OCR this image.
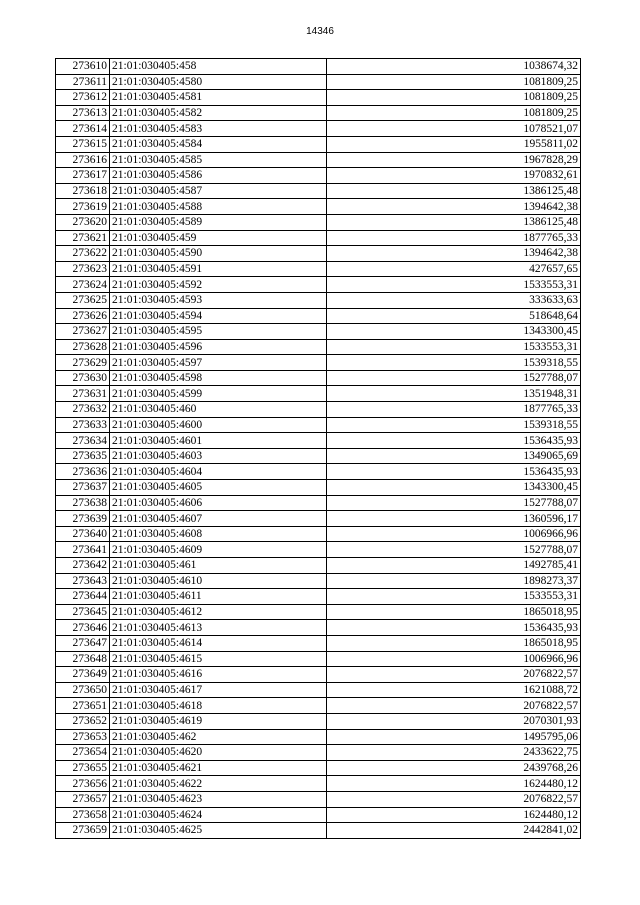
14346
273610	21:01:030405:458	1038674,32
273611	21:01:030405:4580	1081809,25
273612	21:01:030405:4581	1081809,25
273613	21:01:030405:4582	1081809,25
273614	21:01:030405:4583	1078521,07
273615	21:01:030405:4584	1955811,02
273616	21:01:030405:4585	1967828,29
273617	21:01:030405:4586	1970832,61
273618	21:01:030405:4587	1386125,48
273619	21:01:030405:4588	1394642,38
273620	21:01:030405:4589	1386125,48
273621	21:01:030405:459	1877765,33
273622	21:01:030405:4590	1394642,38
273623	21:01:030405:4591	427657,65
273624	21:01:030405:4592	1533553,31
273625	21:01:030405:4593	333633,63
273626	21:01:030405:4594	518648,64
273627	21:01:030405:4595	1343300,45
273628	21:01:030405:4596	1533553,31
273629	21:01:030405:4597	1539318,55
273630	21:01:030405:4598	1527788,07
273631	21:01:030405:4599	1351948,31
273632	21:01:030405:460	1877765,33
273633	21:01:030405:4600	1539318,55
273634	21:01:030405:4601	1536435,93
273635	21:01:030405:4603	1349065,69
273636	21:01:030405:4604	1536435,93
273637	21:01:030405:4605	1343300,45
273638	21:01:030405:4606	1527788,07
273639	21:01:030405:4607	1360596,17
273640	21:01:030405:4608	1006966,96
273641	21:01:030405:4609	1527788,07
273642	21:01:030405:461	1492785,41
273643	21:01:030405:4610	1898273,37
273644	21:01:030405:4611	1533553,31
273645	21:01:030405:4612	1865018,95
273646	21:01:030405:4613	1536435,93
273647	21:01:030405:4614	1865018,95
273648	21:01:030405:4615	1006966,96
273649	21:01:030405:4616	2076822,57
273650	21:01:030405:4617	1621088,72
273651	21:01:030405:4618	2076822,57
273652	21:01:030405:4619	2070301,93
273653	21:01:030405:462	1495795,06
273654	21:01:030405:4620	2433622,75
273655	21:01:030405:4621	2439768,26
273656	21:01:030405:4622	1624480,12
273657	21:01:030405:4623	2076822,57
273658	21:01:030405:4624	1624480,12
273659	21:01:030405:4625	2442841,02
